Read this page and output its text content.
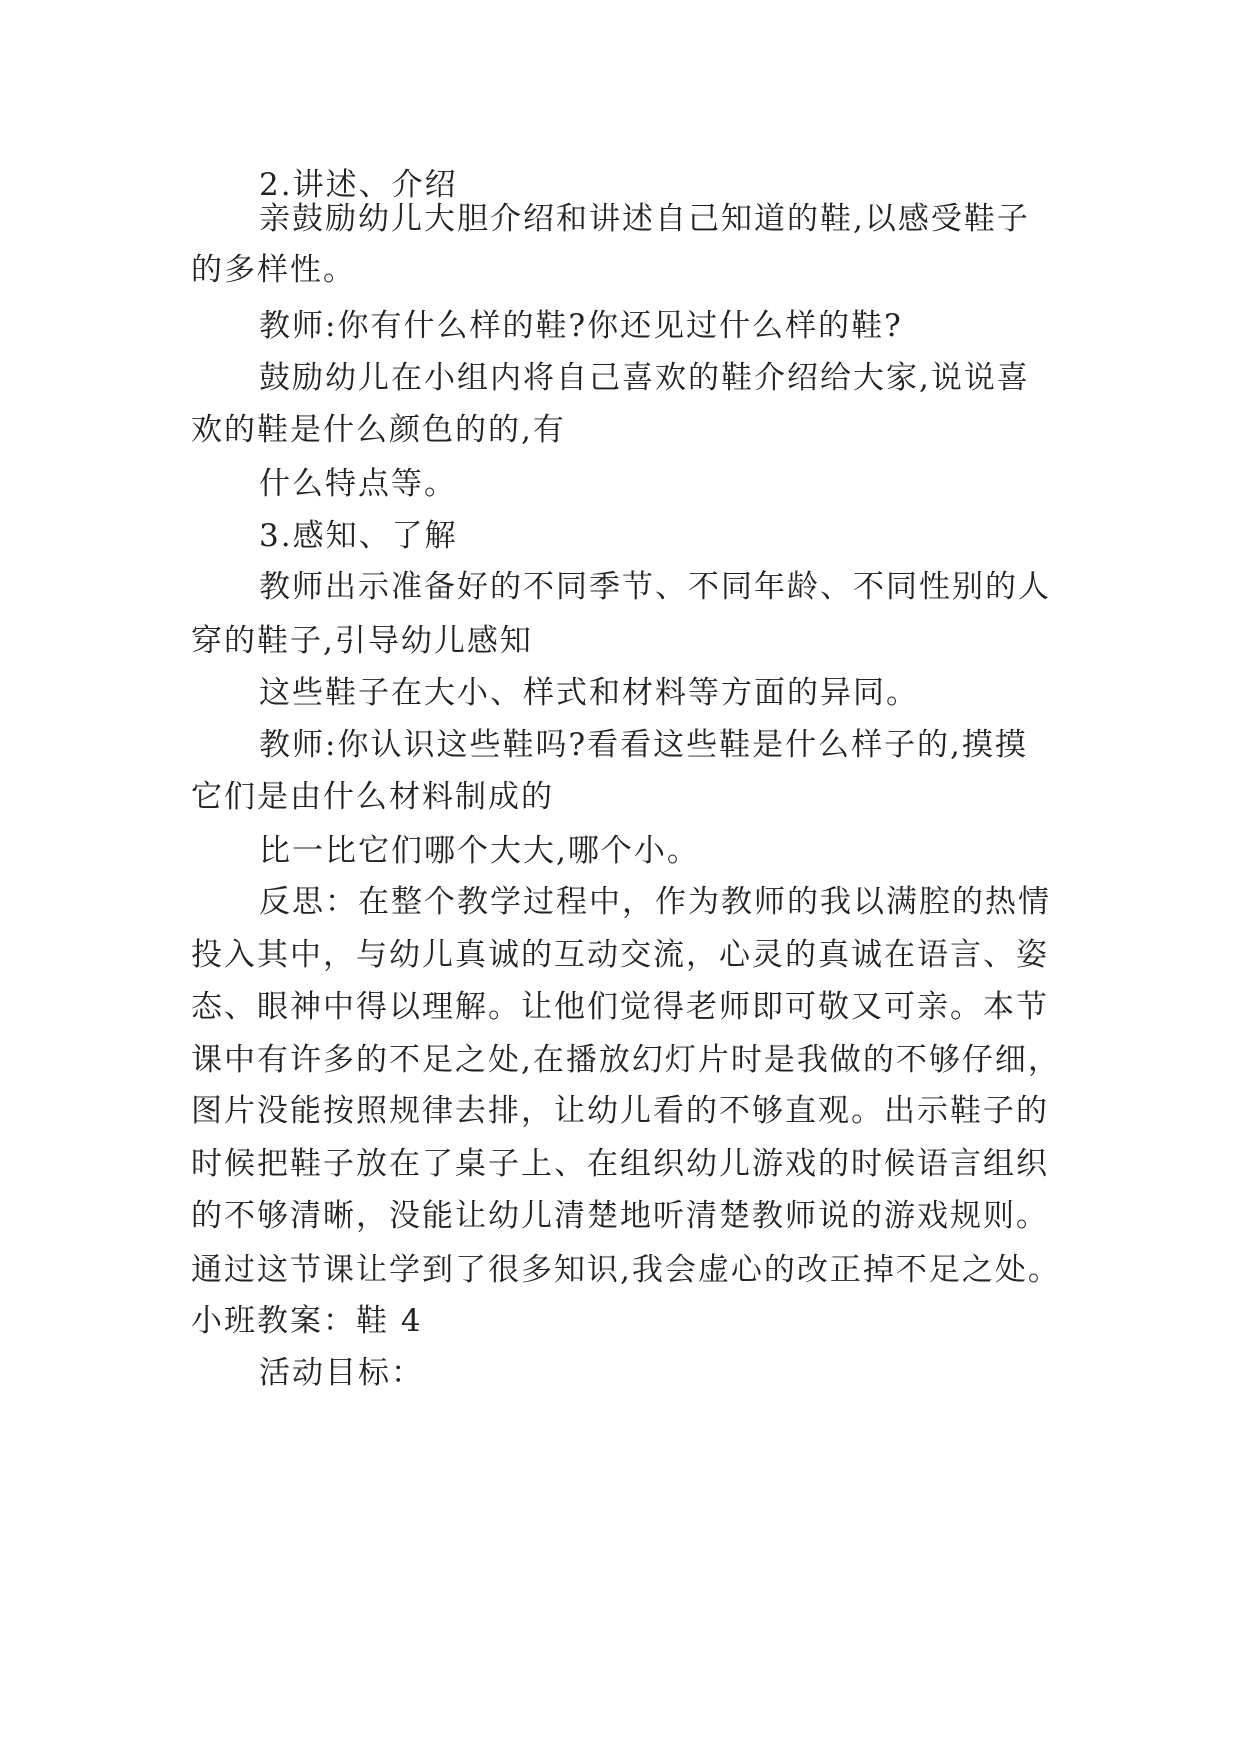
2.讲述、介绍
亲鼓励幼儿大胆介绍和讲述自己知道的鞋,以感受鞋子
的多样性。
教师:你有什么样的鞋?你还见过什么样的鞋?
鼓励幼儿在小组内将自己喜欢的鞋介绍给大家,说说喜
欢的鞋是什么颜色的的,有
什么特点等。
3.感知、了解
教师出示准备好的不同季节、不同年龄、不同性别的人
穿的鞋子,引导幼儿感知
这些鞋子在大小、样式和材料等方面的异同。
教师:你认识这些鞋吗?看看这些鞋是什么样子的,摸摸
它们是由什么材料制成的
比一比它们哪个大大,哪个小。
反思：在整个教学过程中，作为教师的我以满腔的热情
投入其中，与幼儿真诚的互动交流，心灵的真诚在语言、姿
态、眼神中得以理解。让他们觉得老师即可敬又可亲。本节
课中有许多的不足之处,在播放幻灯片时是我做的不够仔细，
图片没能按照规律去排，让幼儿看的不够直观。出示鞋子的
时候把鞋子放在了桌子上、在组织幼儿游戏的时候语言组织
的不够清晰，没能让幼儿清楚地听清楚教师说的游戏规则。
通过这节课让学到了很多知识,我会虚心的改正掉不足之处。
小班教案：鞋 4
活动目标：
